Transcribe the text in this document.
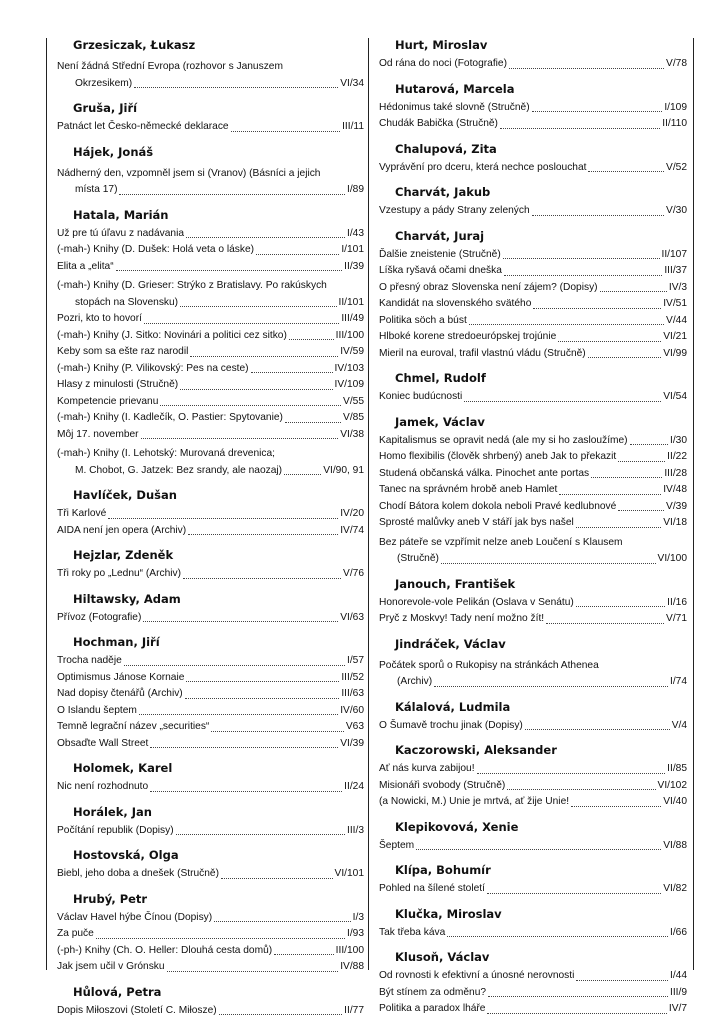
Grzesiczak, Łukasz
Není žádná Střední Evropa (rozhovor s Januszem
Okrzesikem)	VI/34
Gruša, Jiří
Patnáct let Česko-německé deklarace	III/11
Hájek, Jonáš
Nádherný den, vzpomněl jsem si (Vranov) (Básníci a jejich
místa 17)	I/89
Hatala, Marián
Už pre tú úľavu z nadávania	I/43
(-mah-) Knihy (D. Dušek: Holá veta o láske)	I/101
Elita a „elita“	II/39
(-mah-) Knihy (D. Grieser: Strýko z Bratislavy. Po rakúskych
stopách na Slovensku)	II/101
Pozri, kto to hovorí	III/49
(-mah-) Knihy (J. Sitko: Novinári a politici cez sitko)	III/100
Keby som sa ešte raz narodil	IV/59
(-mah-) Knihy (P. Vilikovský: Pes na ceste)	IV/103
Hlasy z minulosti (Stručně)	IV/109
Kompetencie prievanu	V/55
(-mah-) Knihy (I. Kadlečík, O. Pastier: Spytovanie)	V/85
Môj 17. november	VI/38
(-mah-) Knihy (I. Lehotský: Murovaná drevenica;
M. Chobot, G. Jatzek: Bez srandy, ale naozaj)	VI/90, 91
Havlíček, Dušan
Tři Karlové	IV/20
AIDA není jen opera (Archiv)	IV/74
Hejzlar, Zdeněk
Tři roky po „Lednu“ (Archiv)	V/76
Hiltawsky, Adam
Přívoz (Fotografie)	VI/63
Hochman, Jiří
Trocha naděje	I/57
Optimismus Jánose Kornaie	III/52
Nad dopisy čtenářů (Archiv)	III/63
O Islandu šeptem	IV/60
Temně legrační název „securities“	V63
Obsaďte Wall Street	VI/39
Holomek, Karel
Nic není rozhodnuto	II/24
Horálek, Jan
Počítání republik (Dopisy)	III/3
Hostovská, Olga
Biebl, jeho doba a dnešek (Stručně)	VI/101
Hrubý, Petr
Václav Havel hýbe Čínou (Dopisy)	I/3
Za puče	I/93
(-ph-) Knihy (Ch. O. Heller: Dlouhá cesta domů)	III/100
Jak jsem učil v Grónsku	IV/88
Hůlová, Petra
Dopis Miłoszovi (Století C. Miłosze)	II/77
Hurt, Miroslav
Od rána do noci (Fotografie)	V/78
Hutarová, Marcela
Hédonimus také slovně (Stručně)	I/109
Chudák Babička (Stručně)	II/110
Chalupová, Zita
Vyprávění pro dceru, která nechce poslouchat	V/52
Charvát, Jakub
Vzestupy a pády Strany zelených	V/30
Charvát, Juraj
Ďalšie zneistenie (Stručně)	II/107
Líška ryšavá očami dneška	III/37
O přesný obraz Slovenska není zájem? (Dopisy)	IV/3
Kandidát na slovenského svätého	IV/51
Politika söch a búst	V/44
Hlboké korene stredoeurópskej trojúnie	VI/21
Mieril na euroval, trafil vlastnú vládu (Stručně)	VI/99
Chmel, Rudolf
Koniec budúcnosti	VI/54
Jamek, Václav
Kapitalismus se opravit nedá (ale my si ho zasloužíme)	I/30
Homo flexibilis (člověk shrbený) aneb Jak to překazit	II/22
Studená občanská válka. Pinochet ante portas	III/28
Tanec na správném hrobě aneb Hamlet	IV/48
Chodí Bátora kolem dokola neboli Pravé kedlubnové	V/39
Sprosté malůvky aneb V stáří jak bys našel	VI/18
Bez páteře se vzpřímit nelze aneb Loučení s Klausem
(Stručně)	VI/100
Janouch, František
Honorevole-vole Pelikán (Oslava v Senátu)	II/16
Pryč z Moskvy! Tady není možno žít!	V/71
Jindráček, Václav
Počátek sporů o Rukopisy na stránkách Athenea
(Archiv)	I/74
Kálalová, Ludmila
O Šumavě trochu jinak (Dopisy)	V/4
Kaczorowski, Aleksander
Ať nás kurva zabijou!	II/85
Misionáři svobody (Stručně)	VI/102
(a Nowicki, M.) Unie je mrtvá, ať žije Unie!	VI/40
Klepikovová, Xenie
Šeptem	VI/88
Klípa, Bohumír
Pohled na šílené století	VI/82
Klučka, Miroslav
Tak třeba káva	I/66
Klusoň, Václav
Od rovnosti k efektivní a únosné nerovnosti	I/44
Být stínem za odměnu?	III/9
Politika a paradox lháře	IV/7
